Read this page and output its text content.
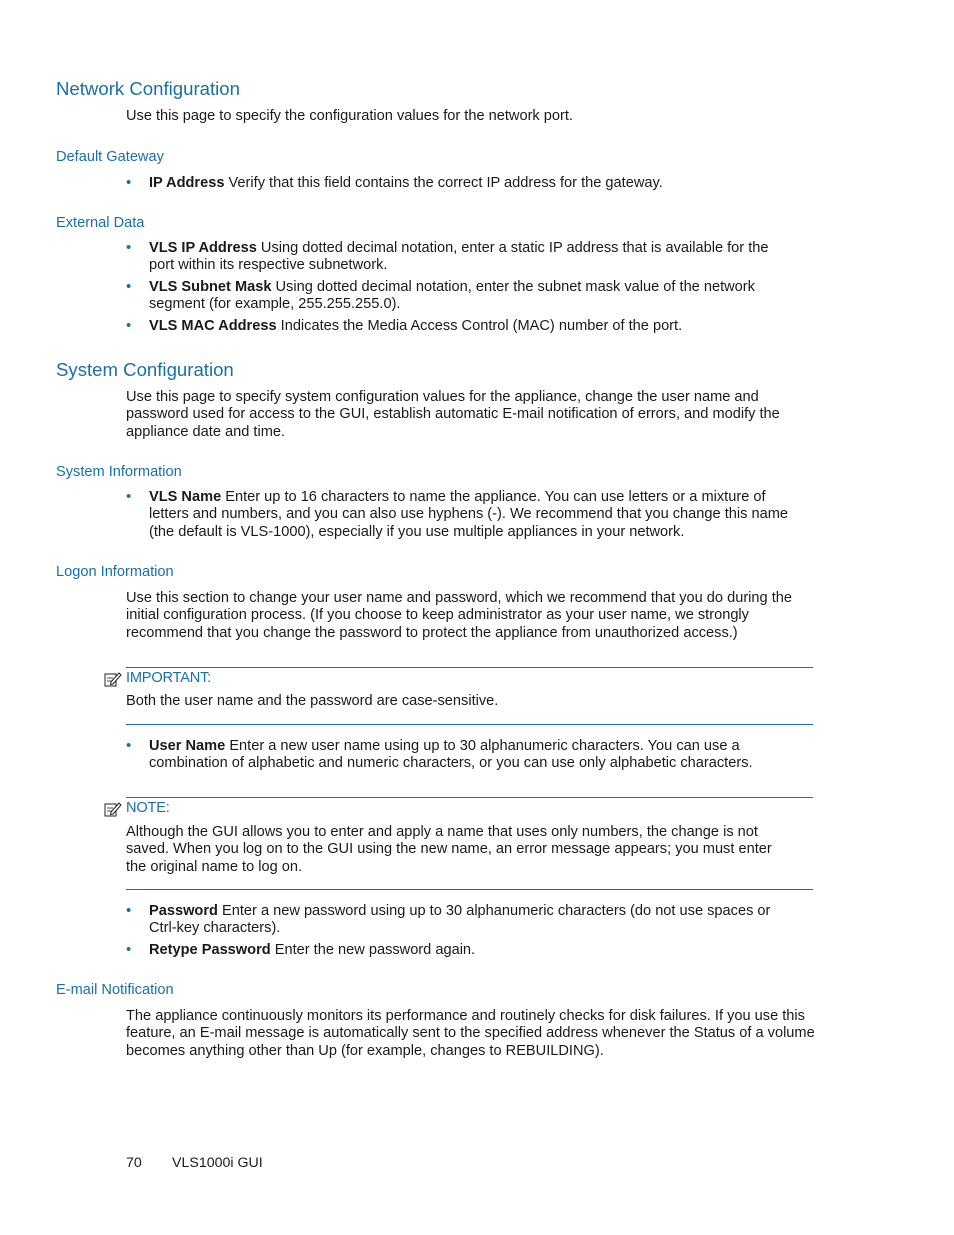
Network Configuration
Use this page to specify the configuration values for the network port.
Default Gateway
• IP Address Verify that this field contains the correct IP address for the gateway.
External Data
• VLS IP Address Using dotted decimal notation, enter a static IP address that is available for the port within its respective subnetwork.
• VLS Subnet Mask Using dotted decimal notation, enter the subnet mask value of the network segment (for example, 255.255.255.0).
• VLS MAC Address Indicates the Media Access Control (MAC) number of the port.
System Configuration
Use this page to specify system configuration values for the appliance, change the user name and password used for access to the GUI, establish automatic E-mail notification of errors, and modify the appliance date and time.
System Information
• VLS Name Enter up to 16 characters to name the appliance. You can use letters or a mixture of letters and numbers, and you can also use hyphens (-). We recommend that you change this name (the default is VLS-1000), especially if you use multiple appliances in your network.
Logon Information
Use this section to change your user name and password, which we recommend that you do during the initial configuration process. (If you choose to keep administrator as your user name, we strongly recommend that you change the password to protect the appliance from unauthorized access.)
IMPORTANT:
Both the user name and the password are case-sensitive.
• User Name Enter a new user name using up to 30 alphanumeric characters. You can use a combination of alphabetic and numeric characters, or you can use only alphabetic characters.
NOTE:
Although the GUI allows you to enter and apply a name that uses only numbers, the change is not saved. When you log on to the GUI using the new name, an error message appears; you must enter the original name to log on.
• Password Enter a new password using up to 30 alphanumeric characters (do not use spaces or Ctrl-key characters).
• Retype Password Enter the new password again.
E-mail Notification
The appliance continuously monitors its performance and routinely checks for disk failures. If you use this feature, an E-mail message is automatically sent to the specified address whenever the Status of a volume becomes anything other than Up (for example, changes to REBUILDING).
70 VLS1000i GUI
